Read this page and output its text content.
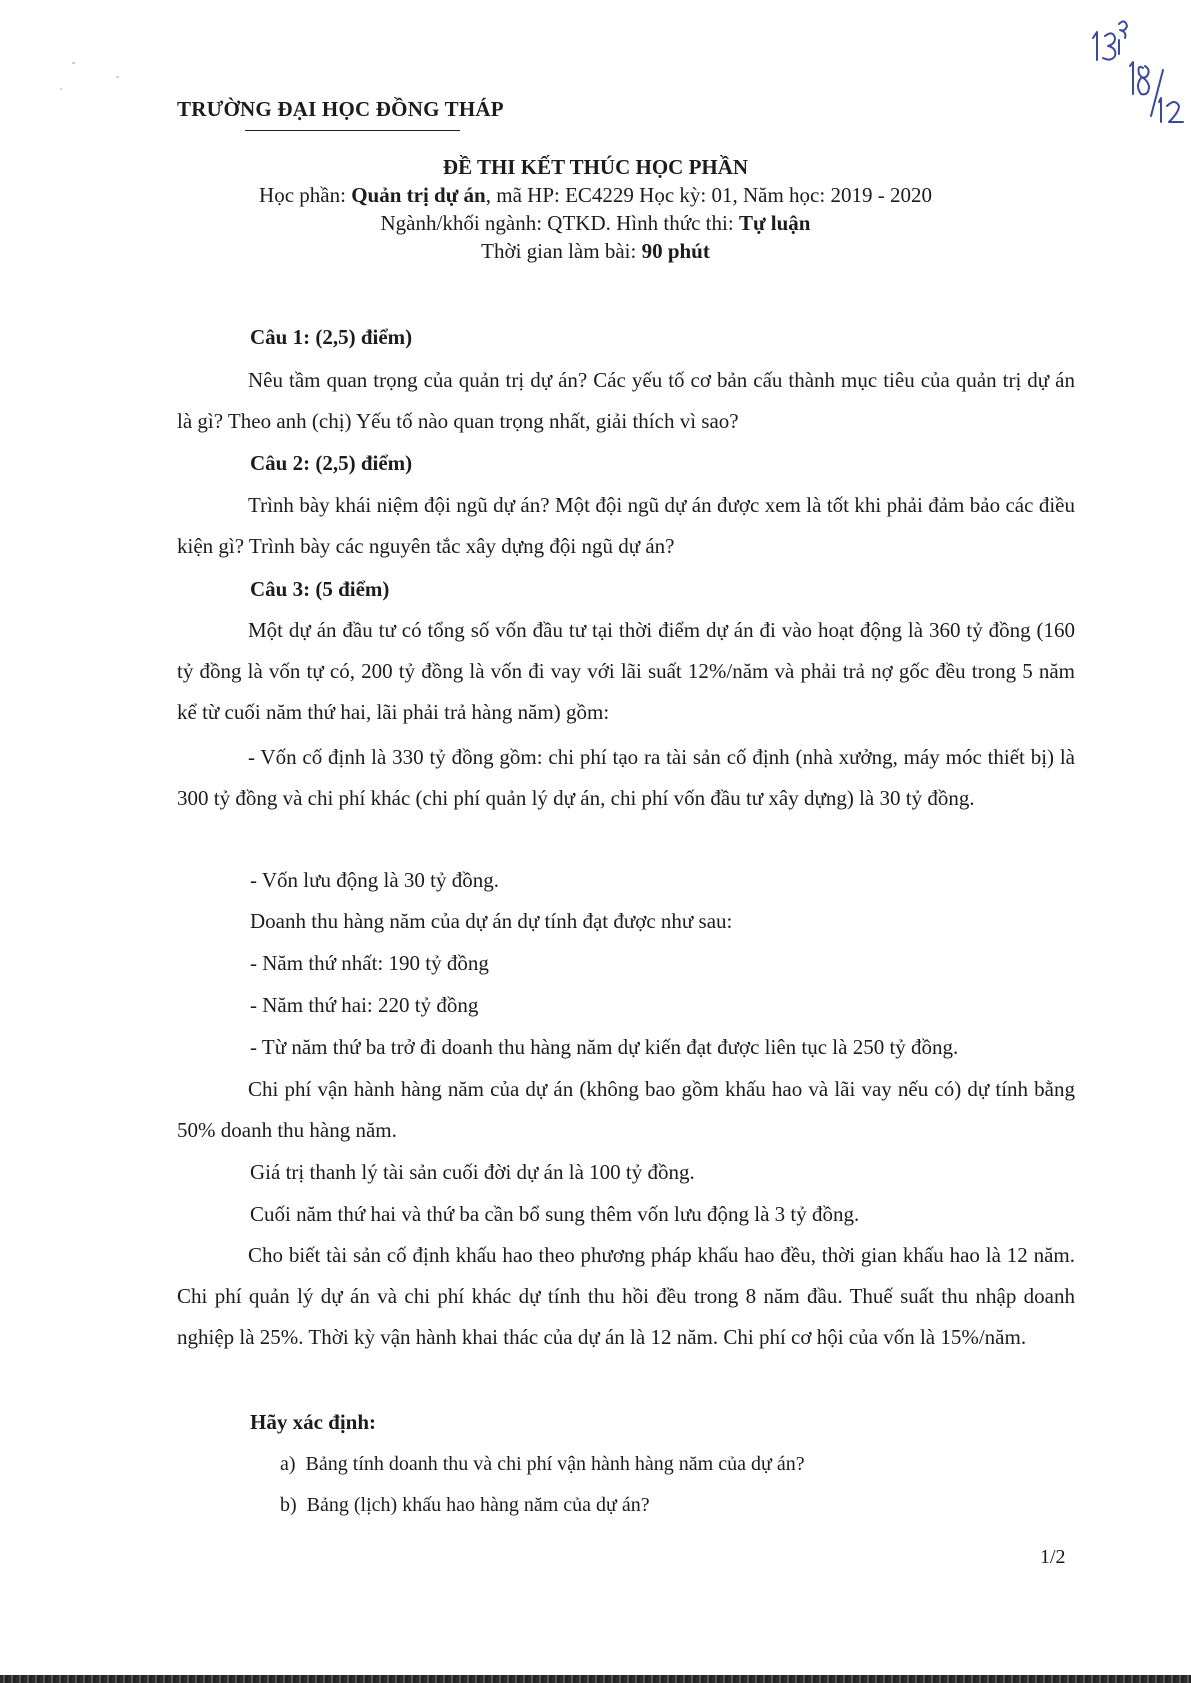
TRƯỜNG ĐẠI HỌC ĐỒNG THÁP
ĐỀ THI KẾT THÚC HỌC PHẦN
Học phần: Quản trị dự án, mã HP: EC4229 Học kỳ: 01, Năm học: 2019 - 2020
Ngành/khối ngành: QTKD. Hình thức thi: Tự luận
Thời gian làm bài: 90 phút
Câu 1: (2,5) điểm)
Nêu tầm quan trọng của quản trị dự án? Các yếu tố cơ bản cấu thành mục tiêu của quản trị dự án là gì? Theo anh (chị) Yếu tố nào quan trọng nhất, giải thích vì sao?
Câu 2: (2,5) điểm)
Trình bày khái niệm đội ngũ dự án? Một đội ngũ dự án được xem là tốt khi phải đảm bảo các điều kiện gì? Trình bày các nguyên tắc xây dựng đội ngũ dự án?
Câu 3: (5 điểm)
Một dự án đầu tư có tổng số vốn đầu tư tại thời điểm dự án đi vào hoạt động là 360 tỷ đồng (160 tỷ đồng là vốn tự có, 200 tỷ đồng là vốn đi vay với lãi suất 12%/năm và phải trả nợ gốc đều trong 5 năm kể từ cuối năm thứ hai, lãi phải trả hàng năm) gồm:
- Vốn cố định là 330 tỷ đồng gồm: chi phí tạo ra tài sản cố định (nhà xưởng, máy móc thiết bị) là 300 tỷ đồng và chi phí khác (chi phí quản lý dự án, chi phí vốn đầu tư xây dựng) là 30 tỷ đồng.
- Vốn lưu động là 30 tỷ đồng.
Doanh thu hàng năm của dự án dự tính đạt được như sau:
- Năm thứ nhất: 190 tỷ đồng
- Năm thứ hai: 220 tỷ đồng
- Từ năm thứ ba trở đi doanh thu hàng năm dự kiến đạt được liên tục là 250 tỷ đồng.
Chi phí vận hành hàng năm của dự án (không bao gồm khấu hao và lãi vay nếu có) dự tính bằng 50% doanh thu hàng năm.
Giá trị thanh lý tài sản cuối đời dự án là 100 tỷ đồng.
Cuối năm thứ hai và thứ ba cần bổ sung thêm vốn lưu động là 3 tỷ đồng.
Cho biết tài sản cố định khấu hao theo phương pháp khấu hao đều, thời gian khấu hao là 12 năm. Chi phí quản lý dự án và chi phí khác dự tính thu hồi đều trong 8 năm đầu. Thuế suất thu nhập doanh nghiệp là 25%. Thời kỳ vận hành khai thác của dự án là 12 năm. Chi phí cơ hội của vốn là 15%/năm.
Hãy xác định:
a) Bảng tính doanh thu và chi phí vận hành hàng năm của dự án?
b) Bảng (lịch) khấu hao hàng năm của dự án?
1/2
